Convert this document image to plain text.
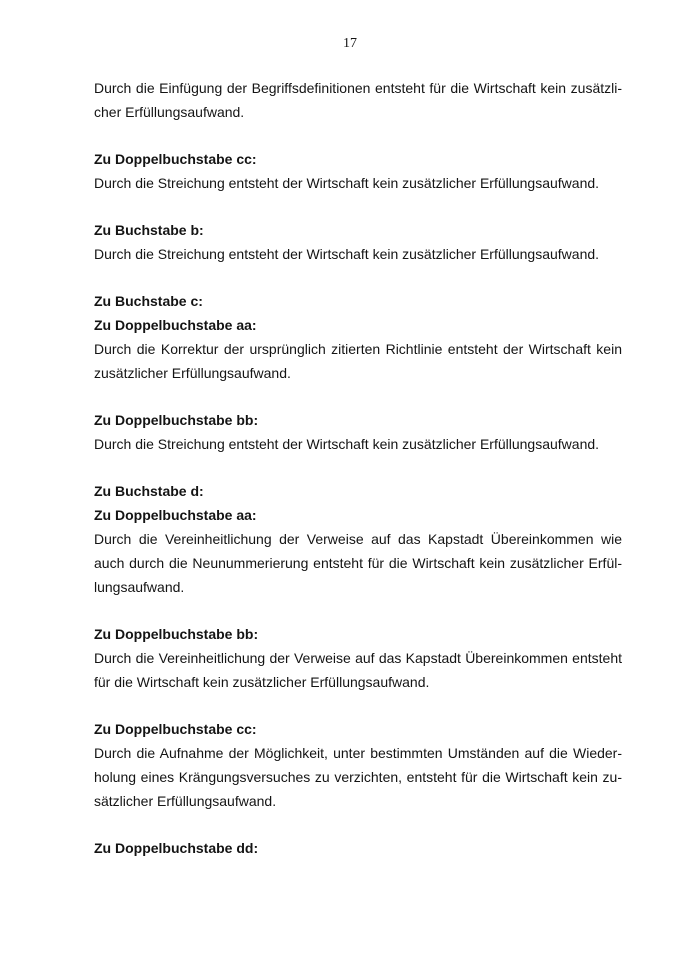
17

Durch die Einfügung der Begriffsdefinitionen entsteht für die Wirtschaft kein zusätzli-
cher Erfüllungsaufwand.

Zu Doppelbuchstabe cc:

Durch die Streichung entsteht der Wirtschaft kein zusätzlicher Erfüllungsaufwand.

Zu Buchstabe b:

Durch die Streichung entsteht der Wirtschaft kein zusätzlicher Erfüllungsaufwand.

Zu Buchstabe c:

Zu Doppelbuchstabe aa:

Durch die Korrektur der ursprünglich zitierten Richtlinie entsteht der Wirtschaft kein
zusätzlicher Erfüllungsaufwand.

Zu Doppelbuchstabe bb:

Durch die Streichung entsteht der Wirtschaft kein zusätzlicher Erfüllungsaufwand.

Zu Buchstabe d:

Zu Doppelbuchstabe aa:

Durch die Vereinheitlichung der Verweise auf das Kapstadt Übereinkommen wie
auch durch die Neunummerierung entsteht für die Wirtschaft kein zusätzlicher Erfül-
lungsaufwand.

Zu Doppelbuchstabe bb:

Durch die Vereinheitlichung der Verweise auf das Kapstadt Übereinkommen entsteht
für die Wirtschaft kein zusätzlicher Erfüllungsaufwand.

Zu Doppelbuchstabe cc:

Durch die Aufnahme der Möglichkeit, unter bestimmten Umständen auf die Wieder-
holung eines Krängungsversuches zu verzichten, entsteht für die Wirtschaft kein zu-
sätzlicher Erfüllungsaufwand.

Zu Doppelbuchstabe dd:
